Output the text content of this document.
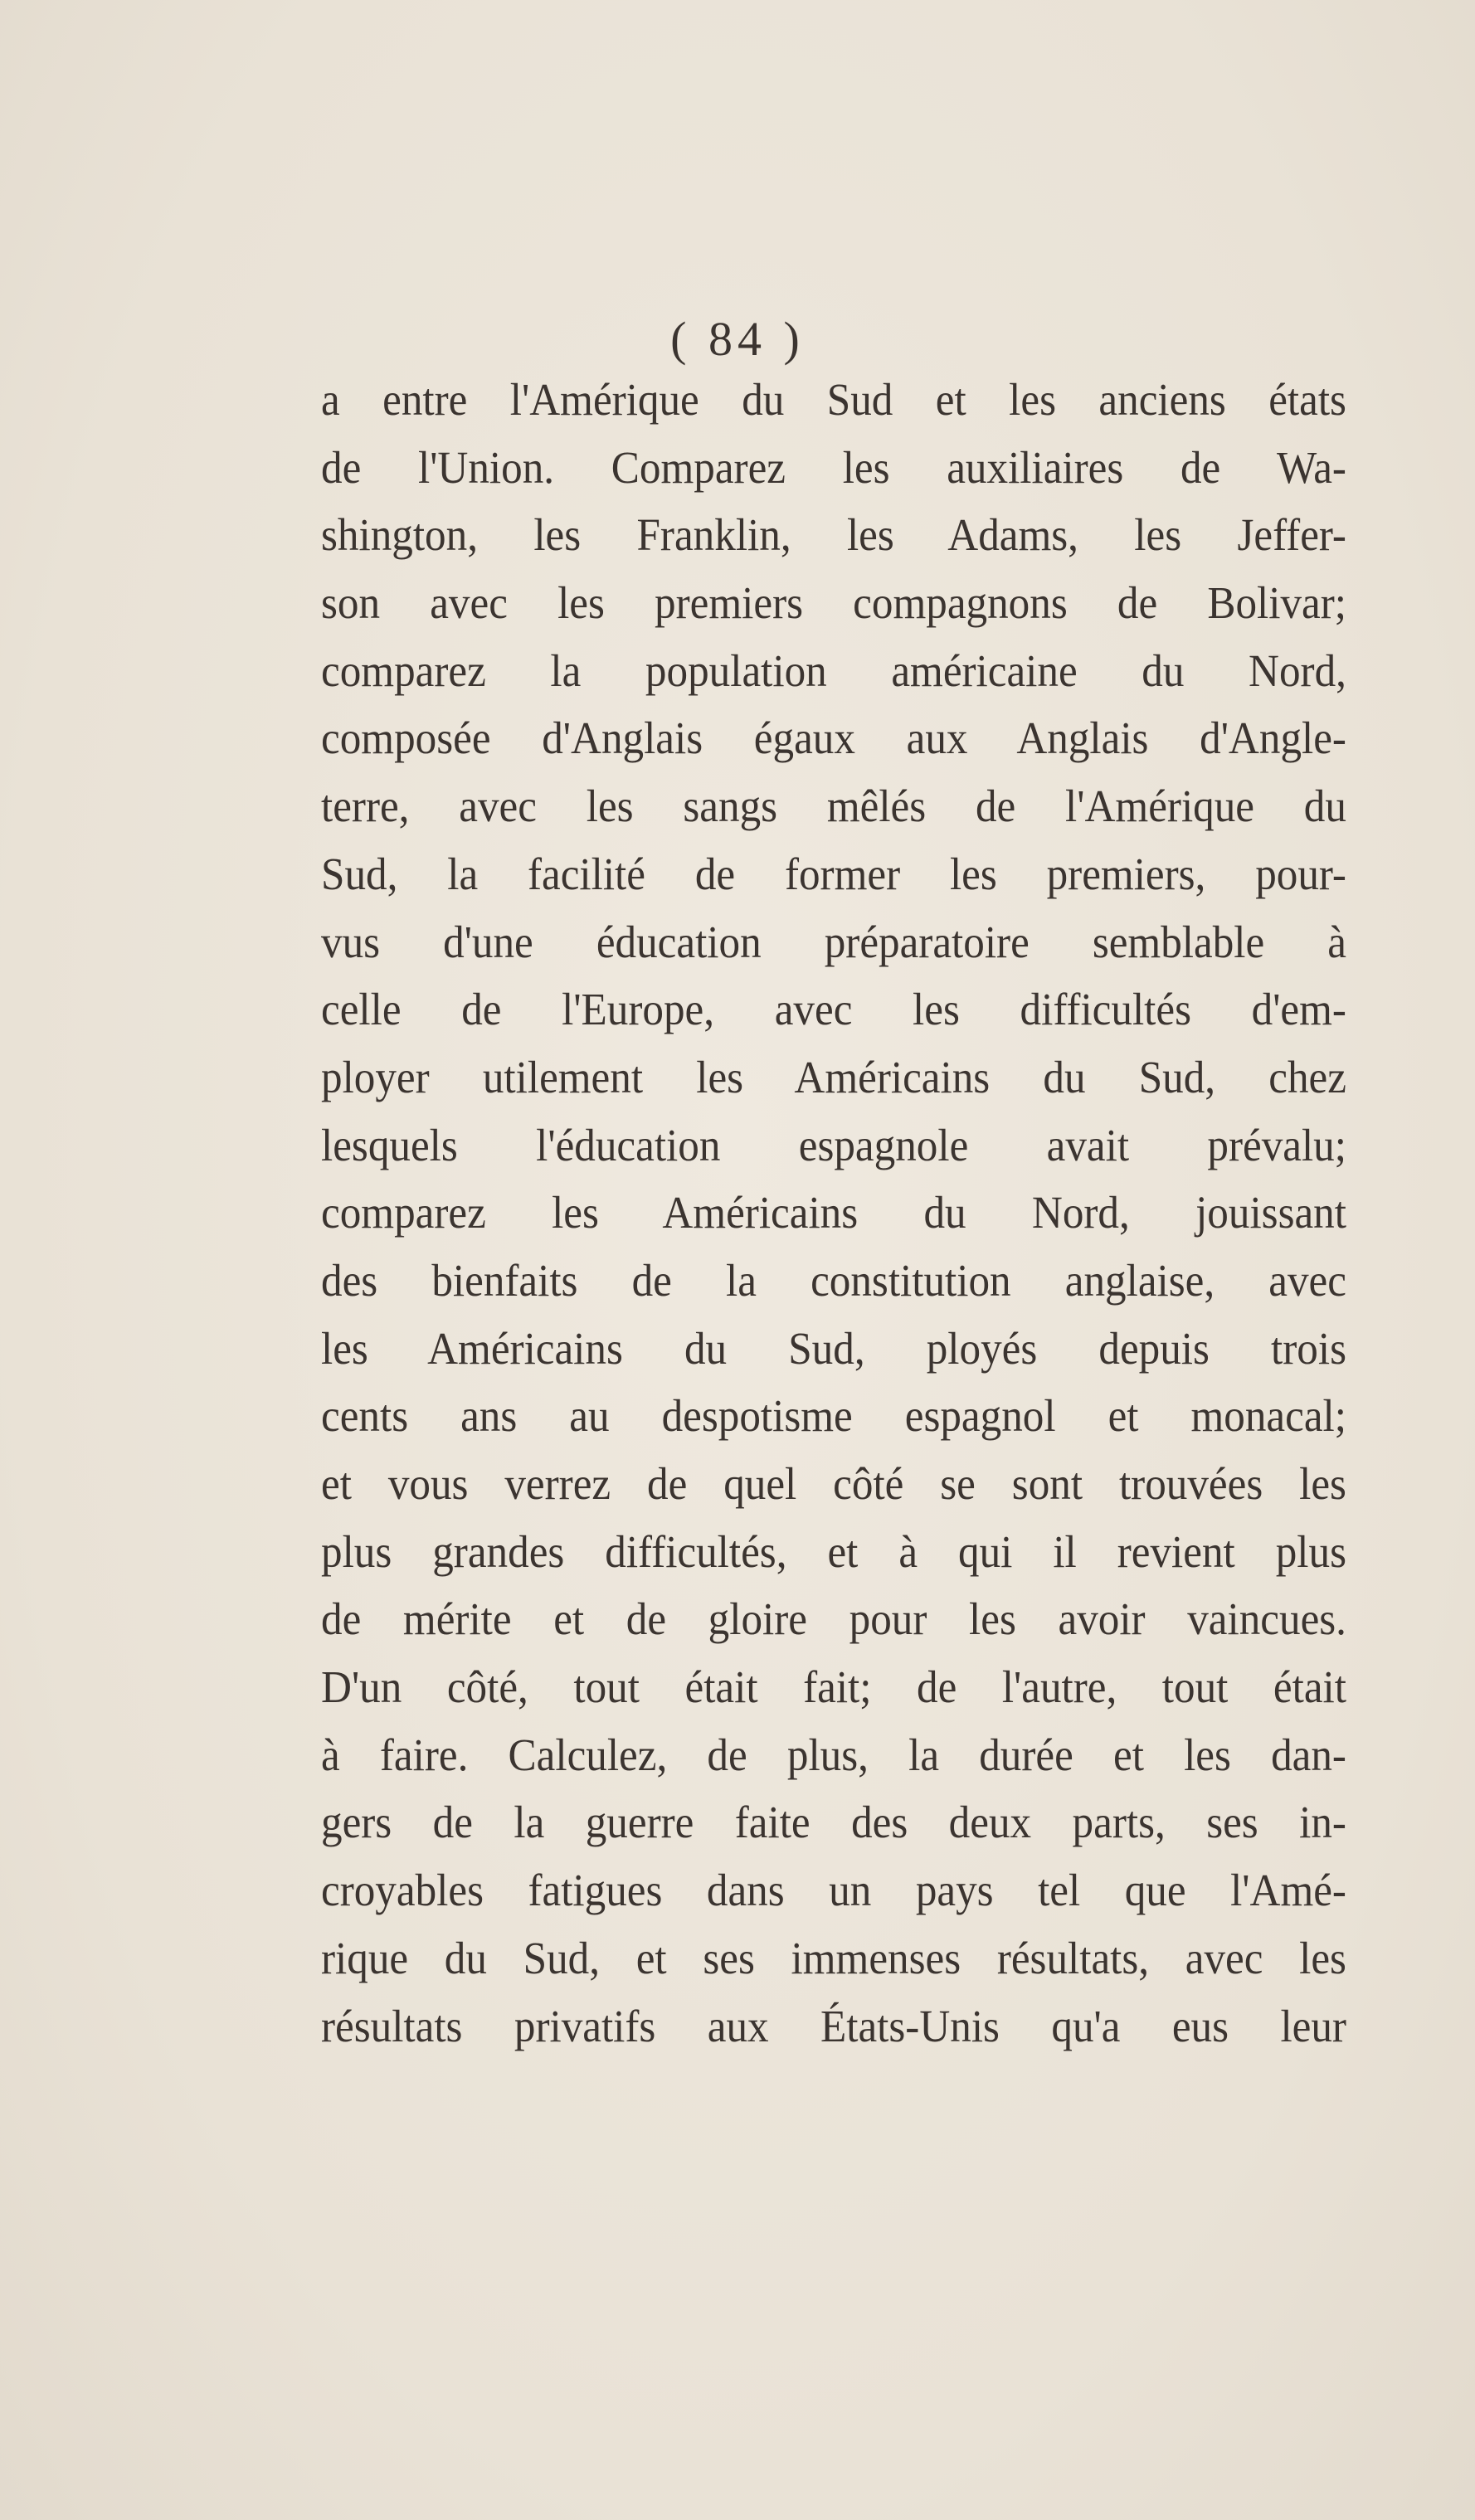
( 84 )
a entre l'Amérique du Sud et les anciens états
de l'Union. Comparez les auxiliaires de Wa-
shington, les Franklin, les Adams, les Jeffer-
son avec les premiers compagnons de Bolivar;
comparez la population américaine du Nord,
composée d'Anglais égaux aux Anglais d'Angle-
terre, avec les sangs mêlés de l'Amérique du
Sud, la facilité de former les premiers, pour-
vus d'une éducation préparatoire semblable à
celle de l'Europe, avec les difficultés d'em-
ployer utilement les Américains du Sud, chez
lesquels l'éducation espagnole avait prévalu;
comparez les Américains du Nord, jouissant
des bienfaits de la constitution anglaise, avec
les Américains du Sud, ployés depuis trois
cents ans au despotisme espagnol et monacal;
et vous verrez de quel côté se sont trouvées les
plus grandes difficultés, et à qui il revient plus
de mérite et de gloire pour les avoir vaincues.
D'un côté, tout était fait; de l'autre, tout était
à faire. Calculez, de plus, la durée et les dan-
gers de la guerre faite des deux parts, ses in-
croyables fatigues dans un pays tel que l'Amé-
rique du Sud, et ses immenses résultats, avec les
résultats privatifs aux États-Unis qu'a eus leur
